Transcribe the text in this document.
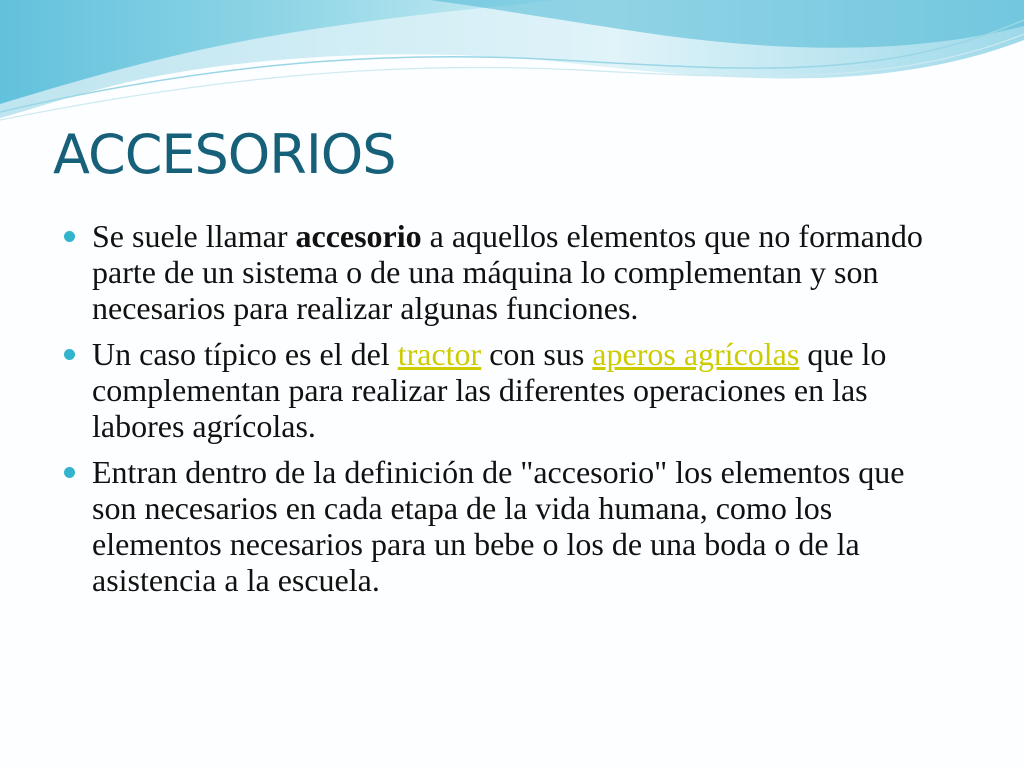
ACCESORIOS
Se suele llamar accesorio a aquellos elementos que no formando parte de un sistema o de una máquina lo complementan y son necesarios para realizar algunas funciones.
Un caso típico es el del tractor con sus aperos agrícolas que lo complementan para realizar las diferentes operaciones en las labores agrícolas.
Entran dentro de la definición de "accesorio" los elementos que son necesarios en cada etapa de la vida humana, como los elementos necesarios para un bebe o los de una boda o de la asistencia a la escuela.
